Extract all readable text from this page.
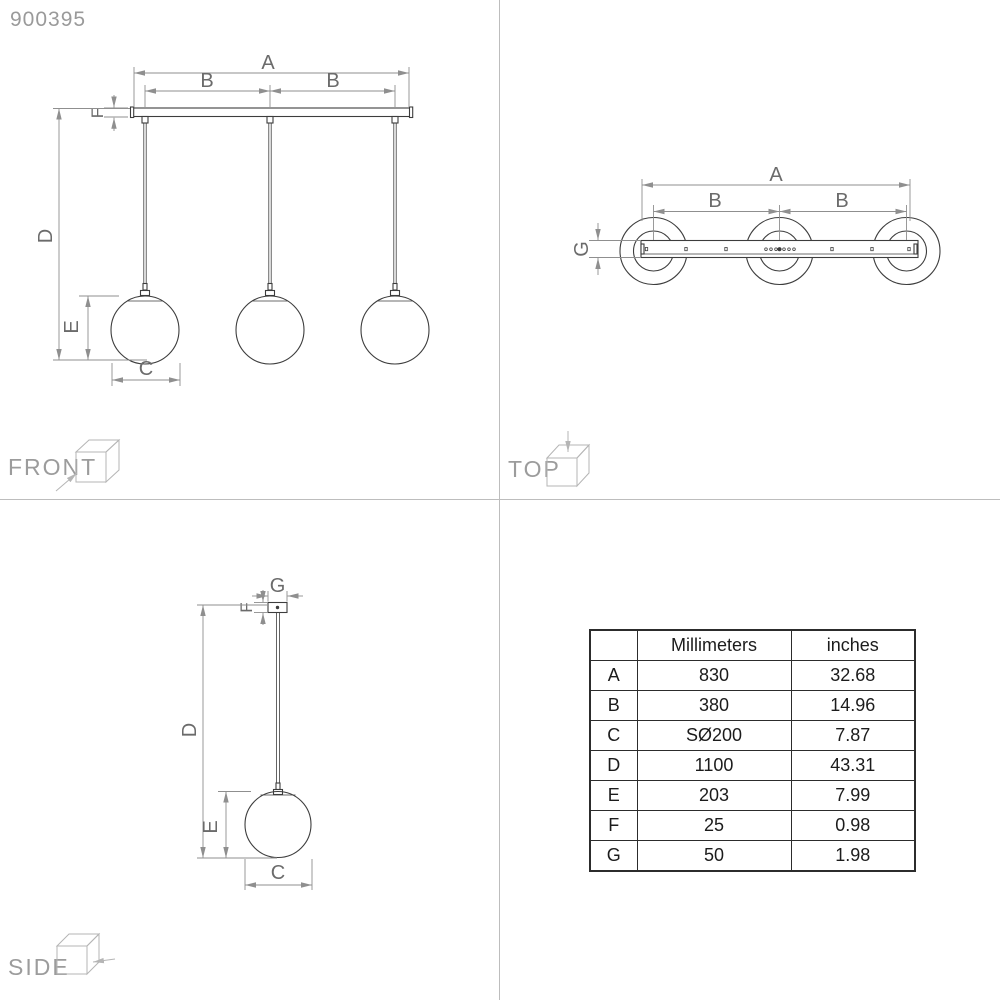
900395
A
B	B
F
D
E
C
FRONT
A
B	B
G
TOP
G
F
D
E
C
SIDE
	Millimeters	inches
A	830	32.68
B	380	14.96
C	SØ200	7.87
D	1100	43.31
E	203	7.99
F	25	0.98
G	50	1.98
